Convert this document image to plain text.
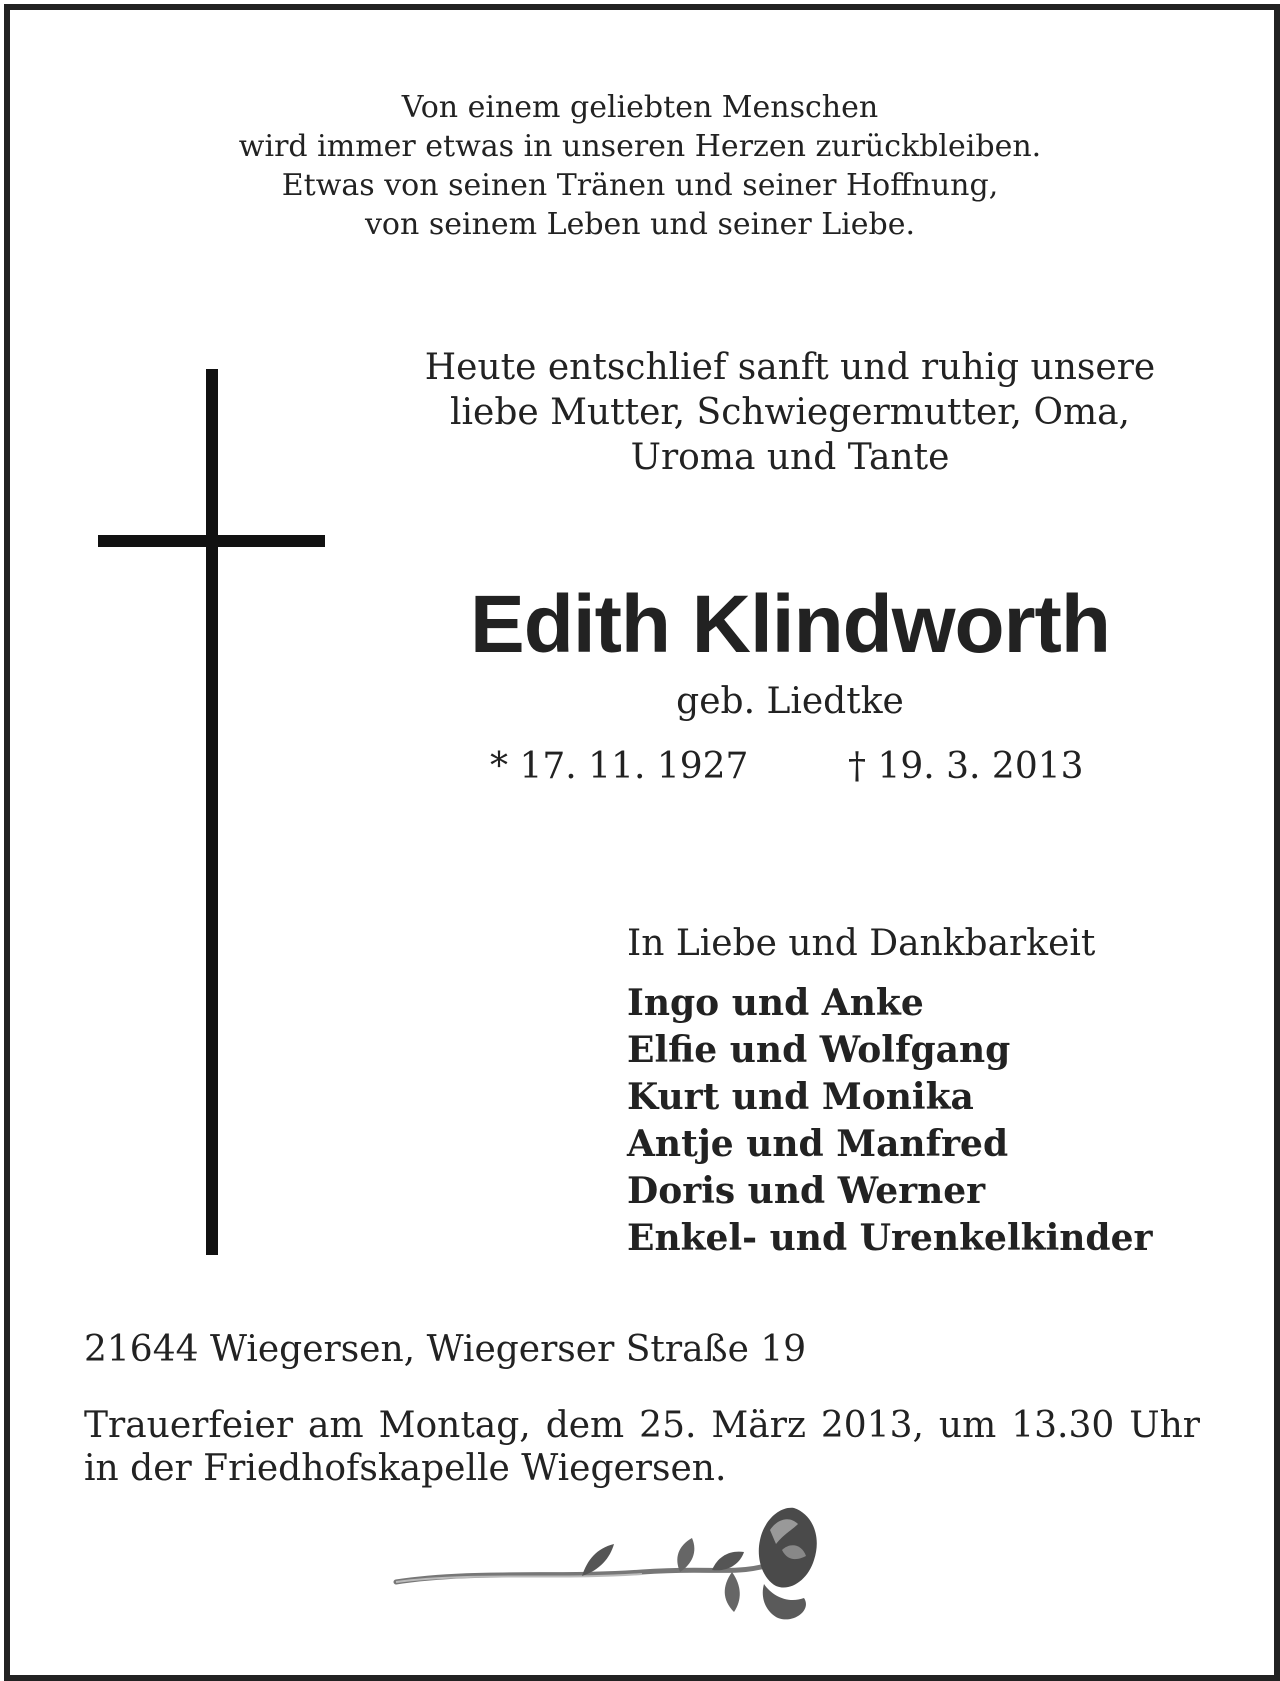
Von einem geliebten Menschen
wird immer etwas in unseren Herzen zurückbleiben.
Etwas von seinen Tränen und seiner Hoffnung,
von seinem Leben und seiner Liebe.
Heute entschlief sanft und ruhig unsere
liebe Mutter, Schwiegermutter, Oma,
Uroma und Tante
Edith Klindworth
geb. Liedtke
* 17. 11. 1927	† 19. 3. 2013
In Liebe und Dankbarkeit
Ingo und Anke
Elfie und Wolfgang
Kurt und Monika
Antje und Manfred
Doris und Werner
Enkel- und Urenkelkinder
21644 Wiegersen, Wiegerser Straße 19
Trauerfeier am Montag, dem 25. März 2013, um 13.30 Uhr in der Friedhofskapelle Wiegersen.
